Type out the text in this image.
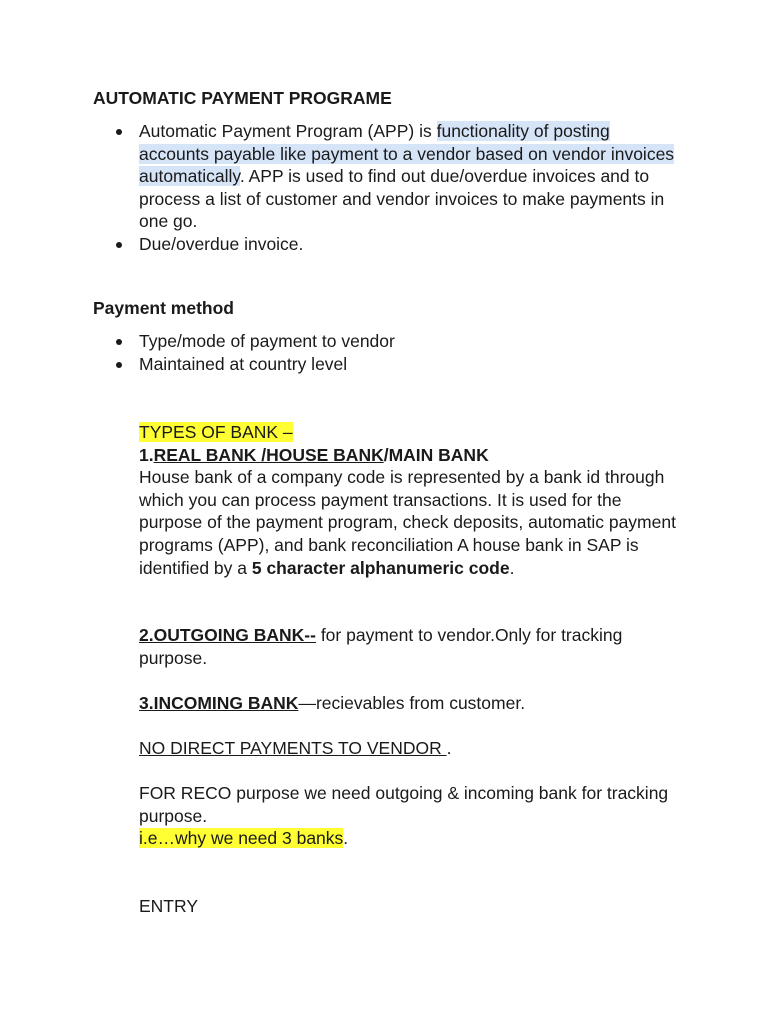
AUTOMATIC PAYMENT PROGRAME
Automatic Payment Program (APP) is functionality of posting accounts payable like payment to a vendor based on vendor invoices automatically. APP is used to find out due/overdue invoices and to process a list of customer and vendor invoices to make payments in one go.
Due/overdue invoice.
Payment method
Type/mode of payment to vendor
Maintained at country level
TYPES OF BANK –
1.REAL BANK /HOUSE BANK/MAIN BANK
House bank of a company code is represented by a bank id through which you can process payment transactions. It is used for the purpose of the payment program, check deposits, automatic payment programs (APP), and bank reconciliation A house bank in SAP is identified by a 5 character alphanumeric code.
2.OUTGOING BANK-- for payment to vendor.Only for tracking purpose.
3.INCOMING BANK—recievables from customer.
NO DIRECT PAYMENTS TO VENDOR .
FOR RECO purpose we need outgoing & incoming bank for tracking purpose.
i.e…why we need 3 banks.
ENTRY
